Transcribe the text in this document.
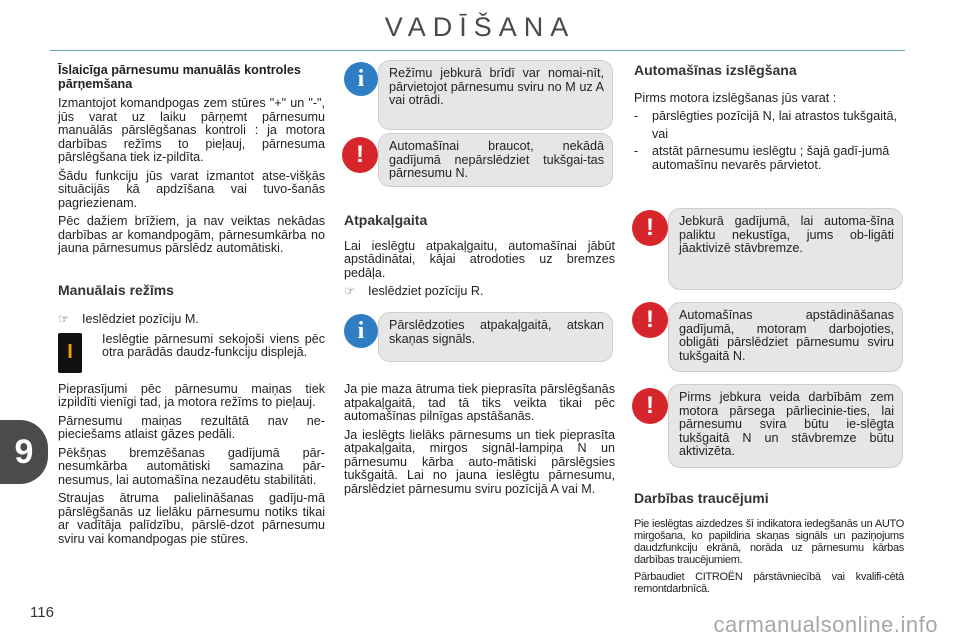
VADĪŠANA
9
116	carmanualsonline.info
Īslaicīga pārnesumu manuālās kontroles pārņemšana

Izmantojot komandpogas zem stūres "+" un "-", jūs varat uz laiku pārņemt pārnesumu manuālās pārslēgšanas kontroli : ja motora darbības režīms to pieļauj, pārnesuma pārslēgšana tiek iz-pildīta.

Šādu funkciju jūs varat izmantot atse-višķās situācijās kā apdzīšana vai tuvo-šanās pagriezienam.

Pēc dažiem brīžiem, ja nav veiktas nekādas darbības ar komandpogām, pārnesumkārba no jauna pārnesumus pārslēdz automātiski.

Manuālais režīms
☞	Ieslēdziet pozīciju M.
I

Ieslēgtie pārnesumi sekojoši viens pēc otra parādās daudz-funkciju displejā.

Pieprasījumi pēc pārnesumu maiņas tiek izpildīti vienīgi tad, ja motora režīms to pieļauj.

Pārnesumu maiņas rezultātā nav ne-pieciešams atlaist gāzes pedāli.

Pēkšņas bremzēšanas gadījumā pār-nesumkārba automātiski samazina pār-nesumus, lai automašīna nezaudētu stabilitāti.

Straujas ātruma palielināšanas gadīju-mā pārslēgšanās uz lielāku pārnesumu notiks tikai ar vadītāja palīdzību, pārslē-dzot pārnesumu sviru vai komandpogas pie stūres.

i	Režīmu jebkurā brīdī var nomai-nīt, pārvietojot pārnesumu sviru no M uz A vai otrādi.
!	Automašīnai braucot, nekādā gadījumā nepārslēdziet tukšgai-tas pārnesumu N.
Atpakaļgaita

Lai ieslēgtu atpakaļgaitu, automašīnai jābūt apstādinātai, kājai atrodoties uz bremzes pedāļa.

☞	Ieslēdziet pozīciju R.
i	Pārslēdzoties atpakaļgaitā, atskan skaņas signāls.

Ja pie maza ātruma tiek pieprasīta pārslēgšanās atpakaļgaitā, tad tā tiks veikta tikai pēc automašīnas pilnīgas apstāšanās.

Ja ieslēgts lielāks pārnesums un tiek pieprasīta atpakaļgaita, mirgos signāl-lampiņa N un pārnesumu kārba auto-mātiski pārslēgsies tukšgaitā. Lai no jauna ieslēgtu pārnesumu, pārslēdziet pārnesumu sviru pozīcijā A vai M.

Automašīnas izslēgšana

Pirms motora izslēgšanas jūs varat :

-	pārslēgties pozīcijā N, lai atrastos tukšgaitā,
vai
-	atstāt pārnesumu ieslēgtu ; šajā gadī-jumā automašīnu nevarēs pārvietot.
!	Jebkurā gadījumā, lai automa-šīna paliktu nekustīga, jums ob-ligāti jāaktivizē stāvbremze.
!	Automašīnas apstādināšanas gadījumā, motoram darbojoties, obligāti pārslēdziet pārnesumu sviru tukšgaitā N.
!	Pirms jebkura veida darbībām zem motora pārsega pārliecinie-ties, lai pārnesumu svira būtu ie-slēgta tukšgaitā N un stāvbremze būtu aktivizēta.
Darbības traucējumi

Pie ieslēgtas aizdedzes šī indikatora iedegšanās un AUTO mirgošana, ko papildina skaņas signāls un paziņojums daudzfunkciju ekrānā, norāda uz pārnesumu kārbas darbības traucējumiem.

Pārbaudiet CITROËN pārstāvniecībā vai kvalifi-cētā remontdarbnīcā.
